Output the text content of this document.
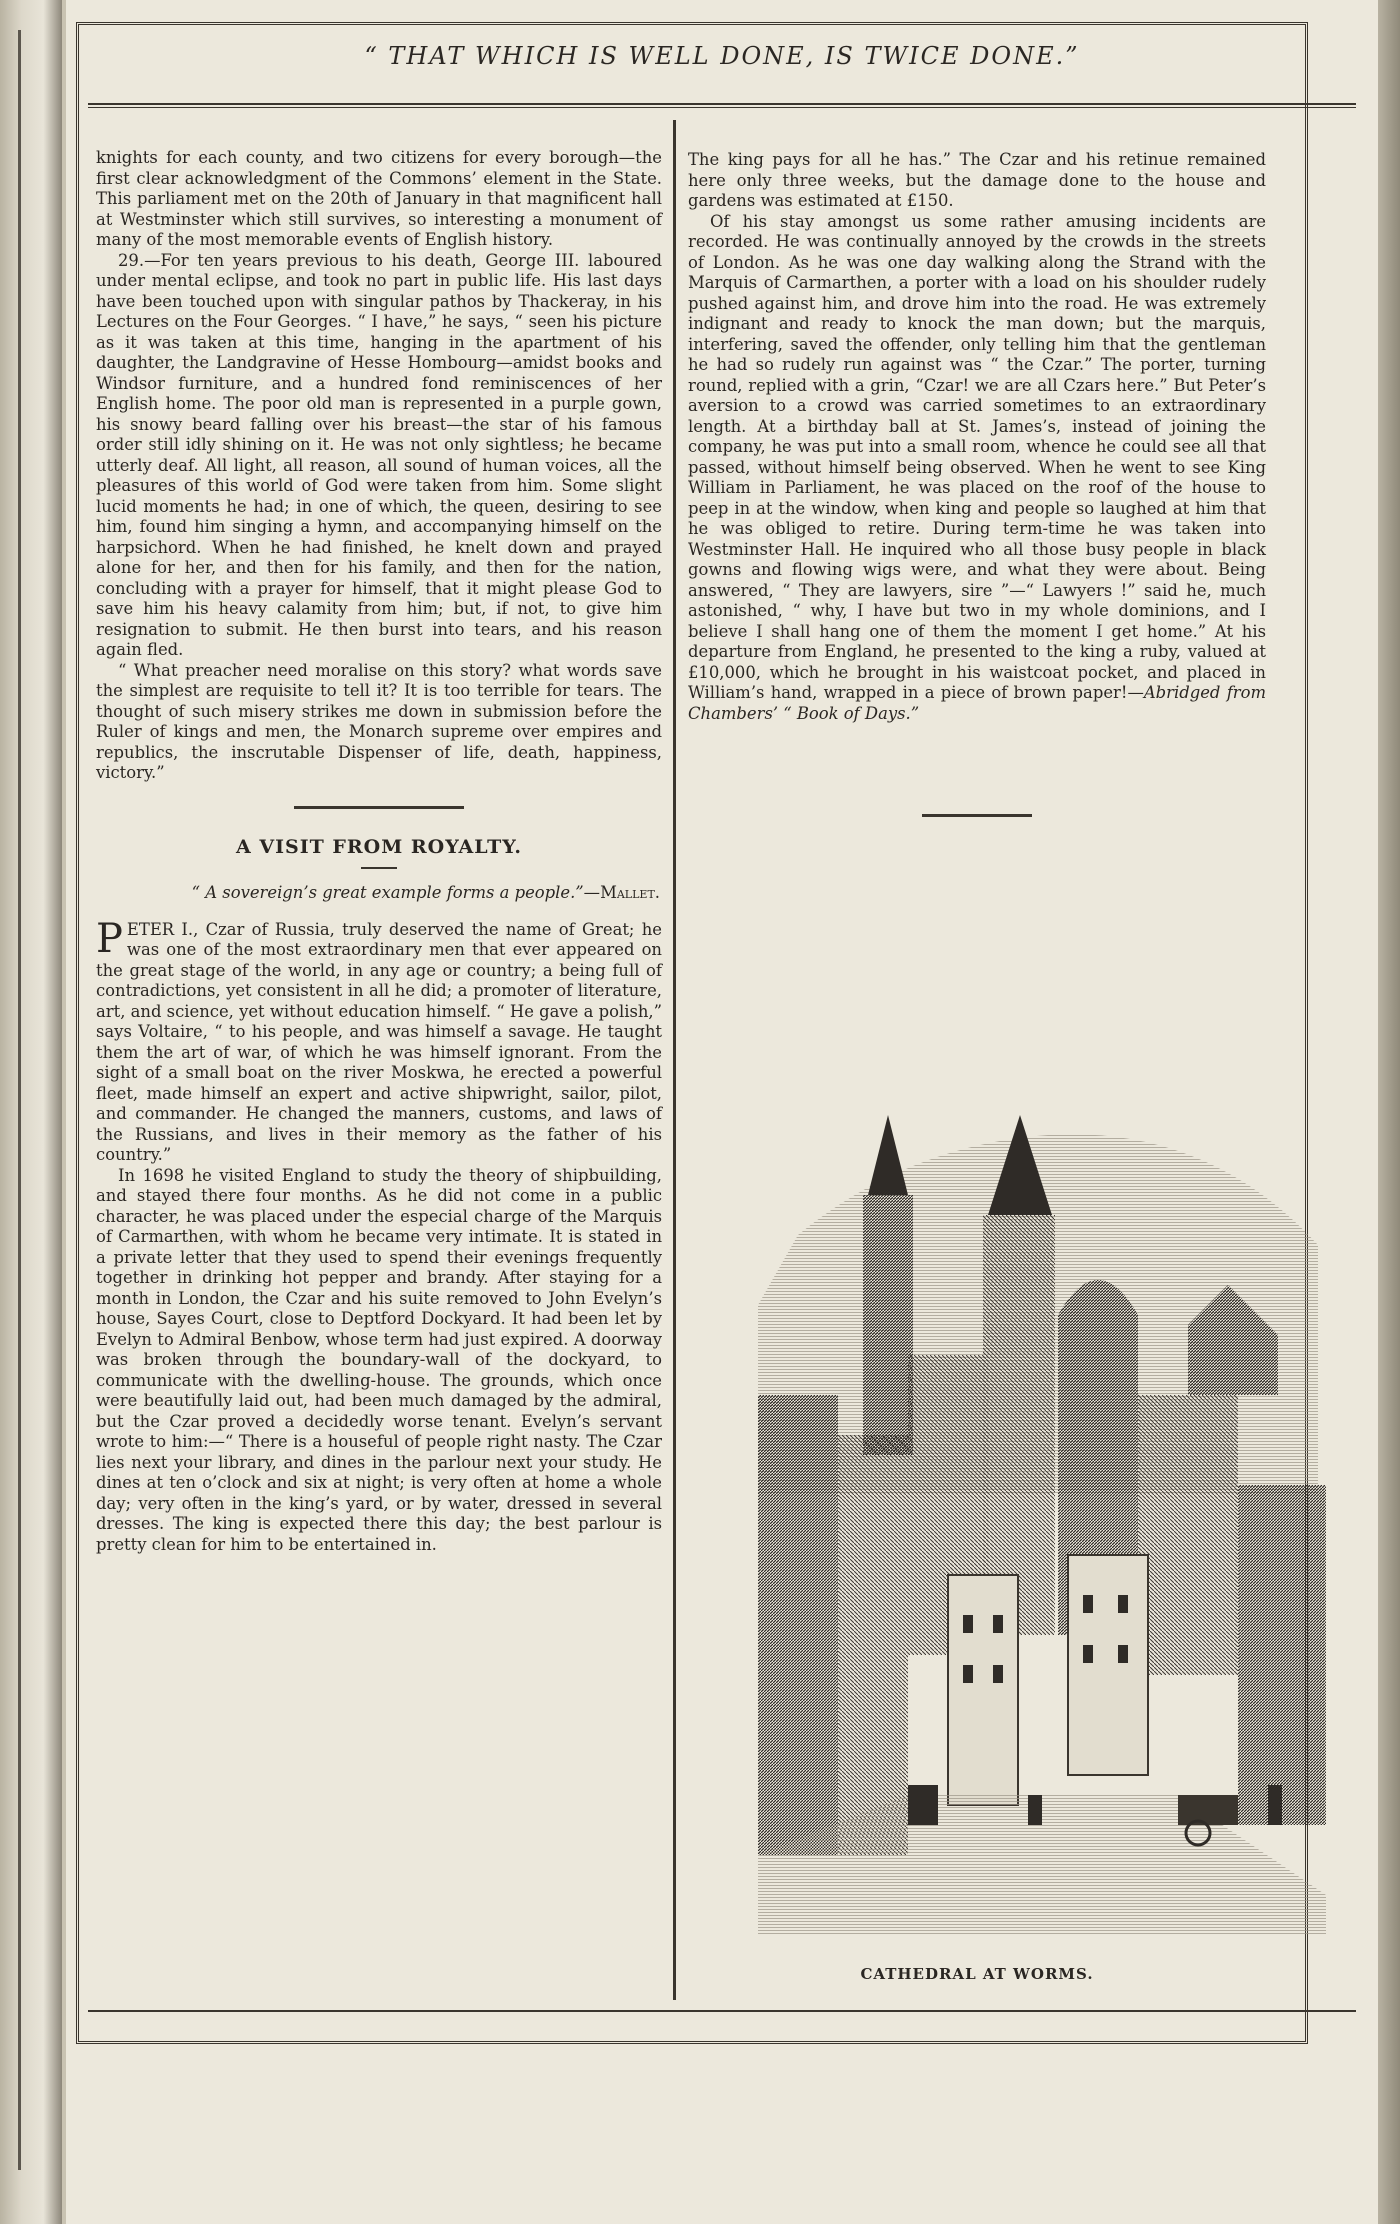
“ THAT WHICH IS WELL DONE, IS TWICE DONE.”

knights for each county, and two citizens for every borough—the first clear acknowledgment of the Commons’ element in the State. This parliament met on the 20th of January in that magnificent hall at Westminster which still survives, so interesting a monument of many of the most memorable events of English history.

29.—For ten years previous to his death, George III. laboured under mental eclipse, and took no part in public life. His last days have been touched upon with singular pathos by Thackeray, in his Lectures on the Four Georges. “ I have,” he says, “ seen his picture as it was taken at this time, hanging in the apartment of his daughter, the Landgravine of Hesse Hombourg—amidst books and Windsor furniture, and a hundred fond reminiscences of her English home. The poor old man is represented in a purple gown, his snowy beard falling over his breast—the star of his famous order still idly shining on it. He was not only sightless; he became utterly deaf. All light, all reason, all sound of human voices, all the pleasures of this world of God were taken from him. Some slight lucid moments he had; in one of which, the queen, desiring to see him, found him singing a hymn, and accompanying himself on the harpsichord. When he had finished, he knelt down and prayed alone for her, and then for his family, and then for the nation, concluding with a prayer for himself, that it might please God to save him his heavy calamity from him; but, if not, to give him resignation to submit. He then burst into tears, and his reason again fled.

“ What preacher need moralise on this story? what words save the simplest are requisite to tell it? It is too terrible for tears. The thought of such misery strikes me down in submission before the Ruler of kings and men, the Monarch supreme over empires and republics, the inscrutable Dispenser of life, death, happiness, victory.”

A VISIT FROM ROYALTY.
“ A sovereign’s great example forms a people.”—Mallet.

PETER I., Czar of Russia, truly deserved the name of Great; he was one of the most extraordinary men that ever appeared on the great stage of the world, in any age or country; a being full of contradictions, yet consistent in all he did; a promoter of literature, art, and science, yet without education himself. “ He gave a polish,” says Voltaire, “ to his people, and was himself a savage. He taught them the art of war, of which he was himself ignorant. From the sight of a small boat on the river Moskwa, he erected a powerful fleet, made himself an expert and active shipwright, sailor, pilot, and commander. He changed the manners, customs, and laws of the Russians, and lives in their memory as the father of his country.”

In 1698 he visited England to study the theory of shipbuilding, and stayed there four months. As he did not come in a public character, he was placed under the especial charge of the Marquis of Carmarthen, with whom he became very intimate. It is stated in a private letter that they used to spend their evenings frequently together in drinking hot pepper and brandy. After staying for a month in London, the Czar and his suite removed to John Evelyn’s house, Sayes Court, close to Deptford Dockyard. It had been let by Evelyn to Admiral Benbow, whose term had just expired. A doorway was broken through the boundary-wall of the dockyard, to communicate with the dwelling-house. The grounds, which once were beautifully laid out, had been much damaged by the admiral, but the Czar proved a decidedly worse tenant. Evelyn’s servant wrote to him:—“ There is a houseful of people right nasty. The Czar lies next your library, and dines in the parlour next your study. He dines at ten o’clock and six at night; is very often at home a whole day; very often in the king’s yard, or by water, dressed in several dresses. The king is expected there this day; the best parlour is pretty clean for him to be entertained in.

The king pays for all he has.” The Czar and his retinue remained here only three weeks, but the damage done to the house and gardens was estimated at £150.

Of his stay amongst us some rather amusing incidents are recorded. He was continually annoyed by the crowds in the streets of London. As he was one day walking along the Strand with the Marquis of Carmarthen, a porter with a load on his shoulder rudely pushed against him, and drove him into the road. He was extremely indignant and ready to knock the man down; but the marquis, interfering, saved the offender, only telling him that the gentleman he had so rudely run against was “ the Czar.” The porter, turning round, replied with a grin, “Czar! we are all Czars here.” But Peter’s aversion to a crowd was carried sometimes to an extraordinary length. At a birthday ball at St. James’s, instead of joining the company, he was put into a small room, whence he could see all that passed, without himself being observed. When he went to see King William in Parliament, he was placed on the roof of the house to peep in at the window, when king and people so laughed at him that he was obliged to retire. During term-time he was taken into Westminster Hall. He inquired who all those busy people in black gowns and flowing wigs were, and what they were about. Being answered, “ They are lawyers, sire ”—“ Lawyers !” said he, much astonished, “ why, I have but two in my whole dominions, and I believe I shall hang one of them the moment I get home.” At his departure from England, he presented to the king a ruby, valued at £10,000, which he brought in his waistcoat pocket, and placed in William’s hand, wrapped in a piece of brown paper!—Abridged from Chambers’ “ Book of Days.”

CATHEDRAL AT WORMS.
